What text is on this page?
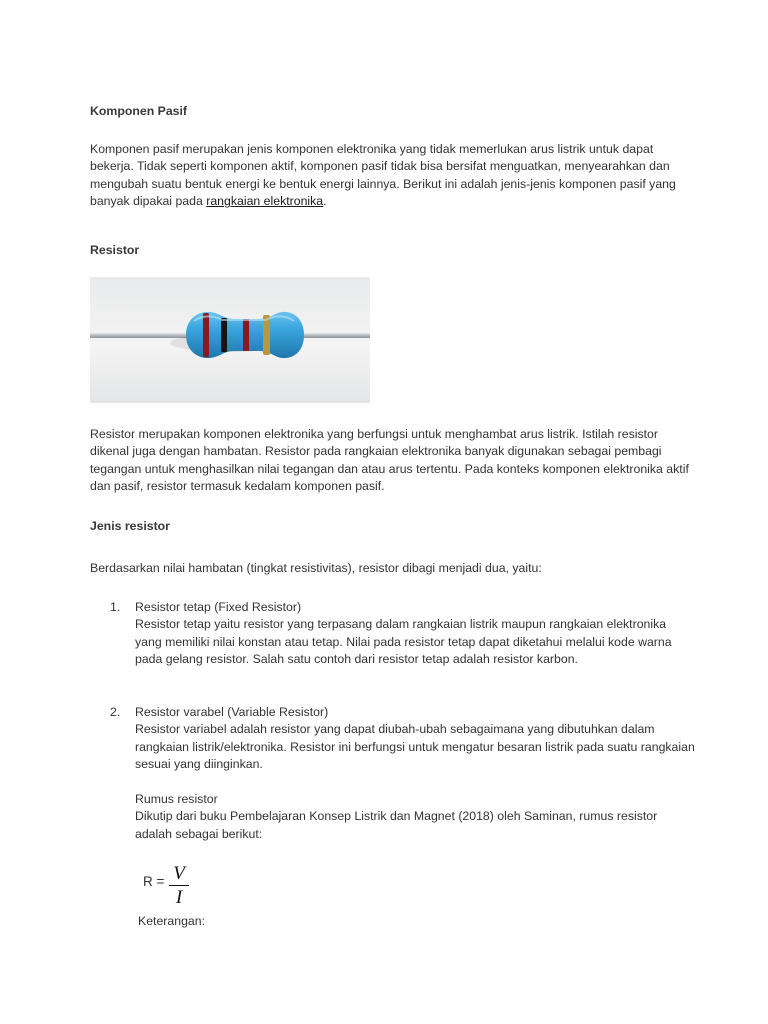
Komponen Pasif
Komponen pasif merupakan jenis komponen elektronika yang tidak memerlukan arus listrik untuk dapat bekerja. Tidak seperti komponen aktif, komponen pasif tidak bisa bersifat menguatkan, menyearahkan dan mengubah suatu bentuk energi ke bentuk energi lainnya. Berikut ini adalah jenis-jenis komponen pasif yang banyak dipakai pada rangkaian elektronika.
Resistor
Resistor merupakan komponen elektronika yang berfungsi untuk menghambat arus listrik. Istilah resistor dikenal juga dengan hambatan. Resistor pada rangkaian elektronika banyak digunakan sebagai pembagi tegangan untuk menghasilkan nilai tegangan dan atau arus tertentu. Pada konteks komponen elektronika aktif dan pasif, resistor termasuk kedalam komponen pasif.
Jenis resistor
Berdasarkan nilai hambatan (tingkat resistivitas), resistor dibagi menjadi dua, yaitu:
1. Resistor tetap (Fixed Resistor)
Resistor tetap yaitu resistor yang terpasang dalam rangkaian listrik maupun rangkaian elektronika yang memiliki nilai konstan atau tetap. Nilai pada resistor tetap dapat diketahui melalui kode warna pada gelang resistor. Salah satu contoh dari resistor tetap adalah resistor karbon.
2. Resistor varabel (Variable Resistor)
Resistor variabel adalah resistor yang dapat diubah-ubah sebagaimana yang dibutuhkan dalam rangkaian listrik/elektronika. Resistor ini berfungsi untuk mengatur besaran listrik pada suatu rangkaian sesuai yang diinginkan.
Rumus resistor
Dikutip dari buku Pembelajaran Konsep Listrik dan Magnet (2018) oleh Saminan, rumus resistor adalah sebagai berikut:
R = V
I
Keterangan:
